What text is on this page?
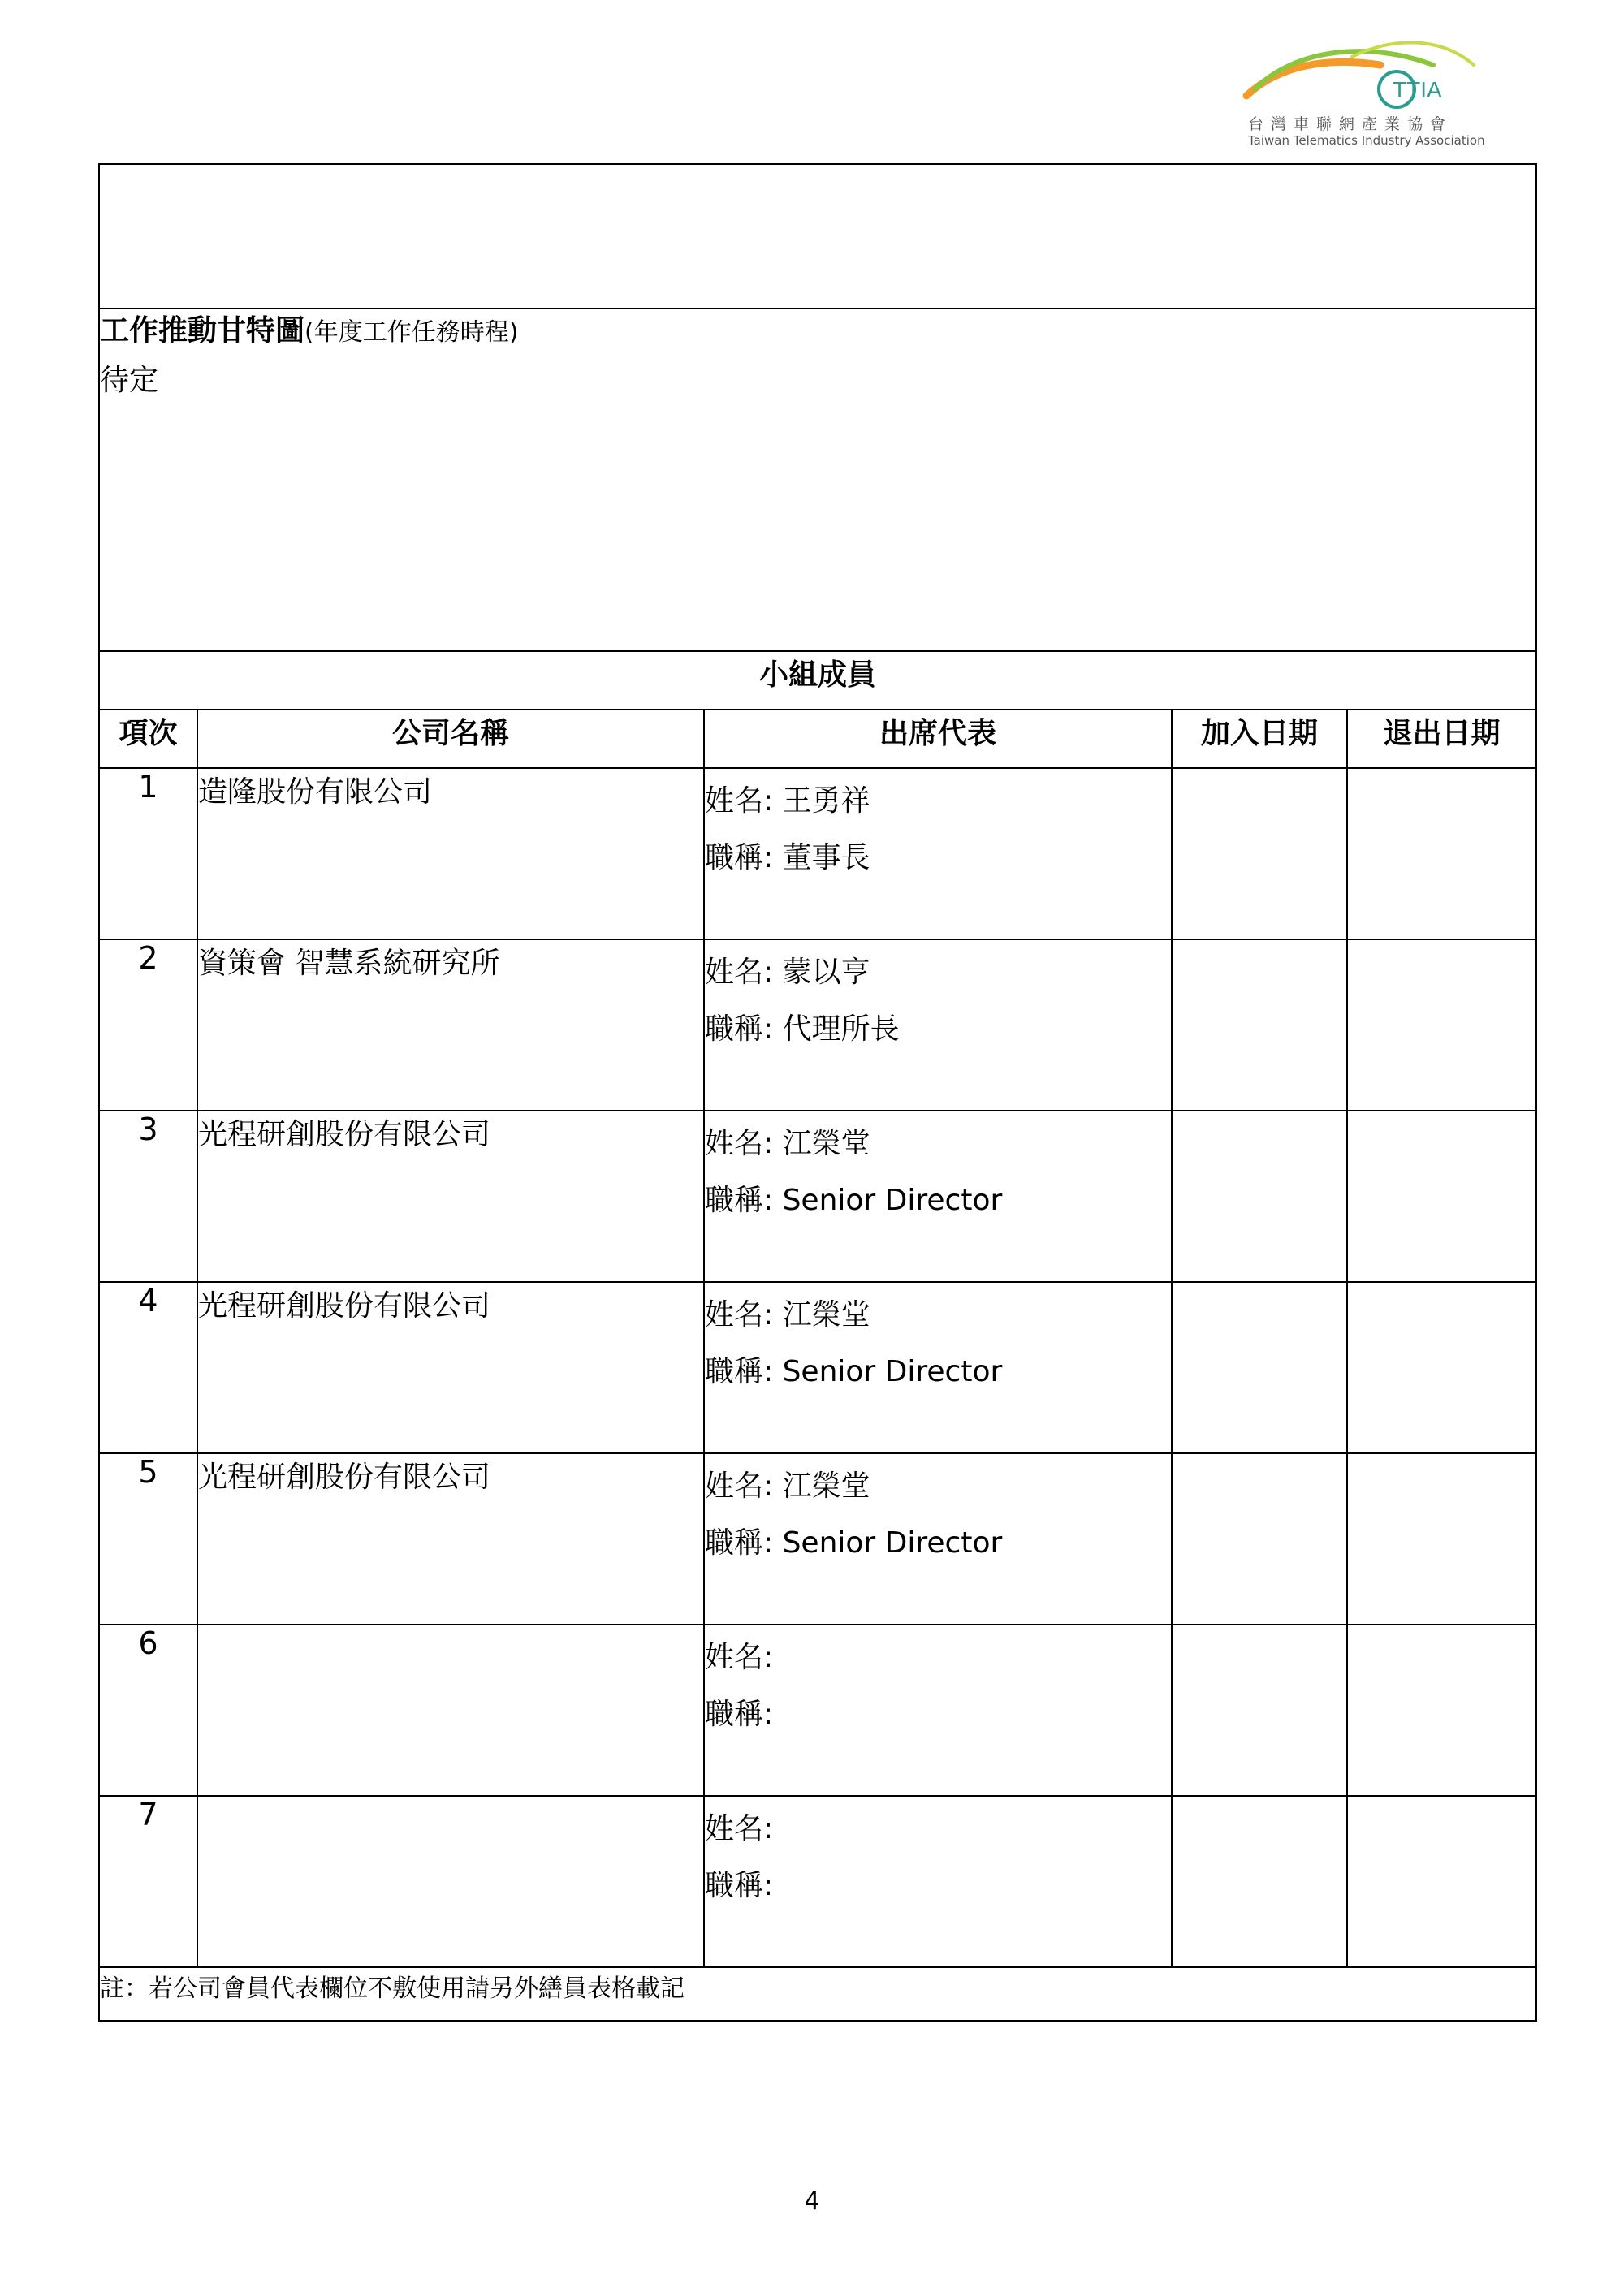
TTIA
台灣車聯網產業協會
Taiwan Telematics Industry Association

工作推動甘特圖(年度工作任務時程)
待定				

小組成員				
項次	公司名稱	出席代表	加入日期	退出日期
1	造隆股份有限公司	姓名: 王勇祥
職稱: 董事長		

2	資策會 智慧系統研究所	姓名: 蒙以亨
職稱: 代理所長		

3	光程研創股份有限公司	姓名: 江榮堂
職稱: Senior Director		

4	光程研創股份有限公司	姓名: 江榮堂
職稱: Senior Director		

5	光程研創股份有限公司	姓名: 江榮堂
職稱: Senior Director		

6		姓名:
職稱:		

7		姓名:
職稱:		

註：若公司會員代表欄位不敷使用請另外繕員表格載記				
4
